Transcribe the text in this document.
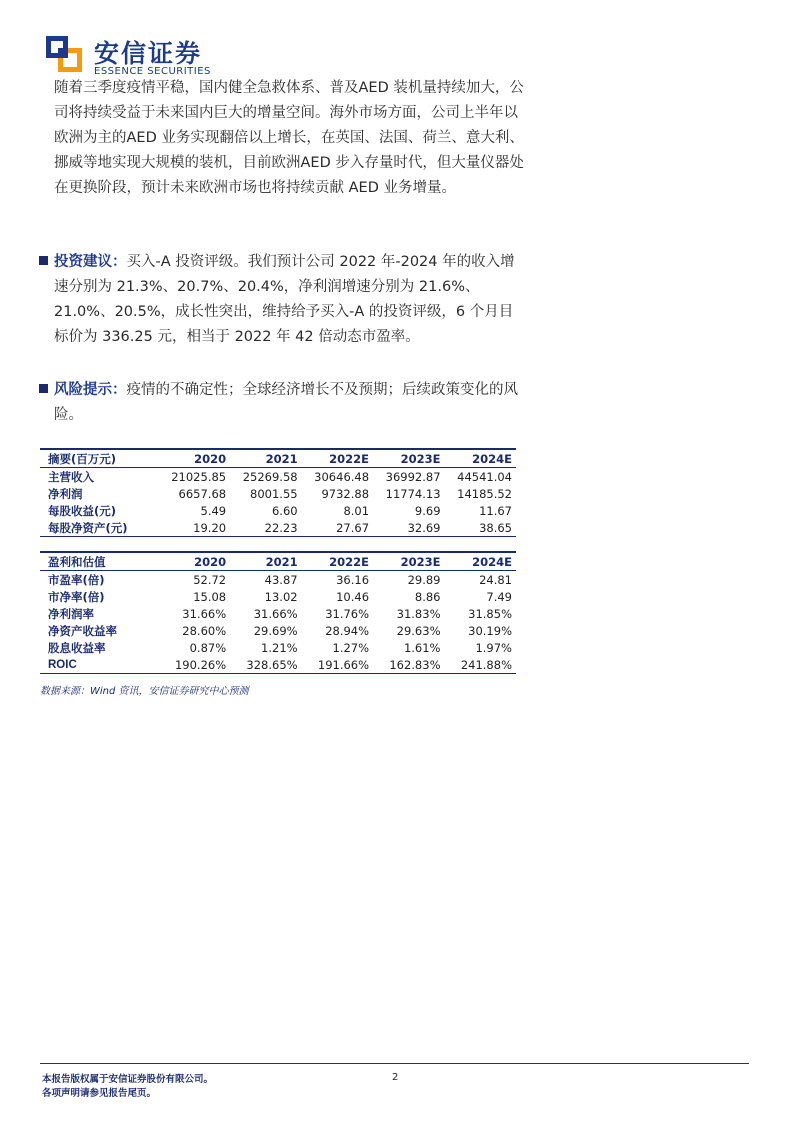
安信证券
ESSENCE SECURITIES
随着三季度疫情平稳，国内健全急救体系、普及AED 装机量持续加大，公司将持续受益于未来国内巨大的增量空间。海外市场方面，公司上半年以欧洲为主的AED 业务实现翻倍以上增长，在英国、法国、荷兰、意大利、挪威等地实现大规模的装机，目前欧洲AED 步入存量时代，但大量仪器处在更换阶段，预计未来欧洲市场也将持续贡献 AED 业务增量。
投资建议：买入-A 投资评级。我们预计公司 2022 年-2024 年的收入增速分别为 21.3%、20.7%、20.4%，净利润增速分别为 21.6%、21.0%、20.5%，成长性突出，维持给予买入-A 的投资评级，6 个月目标价为 336.25 元，相当于 2022 年 42 倍动态市盈率。
风险提示：疫情的不确定性；全球经济增长不及预期；后续政策变化的风险。
摘要(百万元)	2020	2021	2022E	2023E	2024E
主营收入	21025.85	25269.58	30646.48	36992.87	44541.04
净利润	6657.68	8001.55	9732.88	11774.13	14185.52
每股收益(元)	5.49	6.60	8.01	9.69	11.67
每股净资产(元)	19.20	22.23	27.67	32.69	38.65
盈利和估值	2020	2021	2022E	2023E	2024E
市盈率(倍)	52.72	43.87	36.16	29.89	24.81
市净率(倍)	15.08	13.02	10.46	8.86	7.49
净利润率	31.66%	31.66%	31.76%	31.83%	31.85%
净资产收益率	28.60%	29.69%	28.94%	29.63%	30.19%
股息收益率	0.87%	1.21%	1.27%	1.61%	1.97%
ROIC	190.26%	328.65%	191.66%	162.83%	241.88%
数据来源：Wind 资讯，安信证券研究中心预测
本报告版权属于安信证券股份有限公司。
各项声明请参见报告尾页。
2
